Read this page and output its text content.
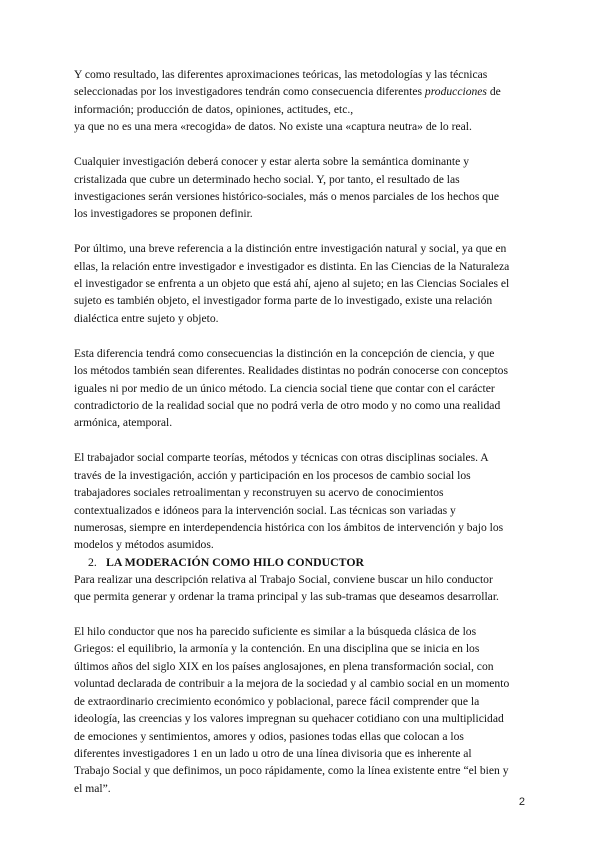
Y como resultado, las diferentes aproximaciones teóricas, las metodologías y las técnicas
seleccionadas por los investigadores tendrán como consecuencia diferentes producciones de
información; producción de datos, opiniones, actitudes, etc.,
ya que no es una mera «recogida» de datos. No existe una «captura neutra» de lo real.

Cualquier investigación deberá conocer y estar alerta sobre la semántica dominante y
cristalizada que cubre un determinado hecho social. Y, por tanto, el resultado de las
investigaciones serán versiones histórico-sociales, más o menos parciales de los hechos que
los investigadores se proponen definir.

Por último, una breve referencia a la distinción entre investigación natural y social, ya que en
ellas, la relación entre investigador e investigador es distinta. En las Ciencias de la Naturaleza
el investigador se enfrenta a un objeto que está ahí, ajeno al sujeto; en las Ciencias Sociales el
sujeto es también objeto, el investigador forma parte de lo investigado, existe una relación
dialéctica entre sujeto y objeto.

Esta diferencia tendrá como consecuencias la distinción en la concepción de ciencia, y que
los métodos también sean diferentes. Realidades distintas no podrán conocerse con conceptos
iguales ni por medio de un único método. La ciencia social tiene que contar con el carácter
contradictorio de la realidad social que no podrá verla de otro modo y no como una realidad
armónica, atemporal.

El trabajador social comparte teorías, métodos y técnicas con otras disciplinas sociales. A
través de la investigación, acción y participación en los procesos de cambio social los
trabajadores sociales retroalimentan y reconstruyen su acervo de conocimientos
contextualizados e idóneos para la intervención social. Las técnicas son variadas y
numerosas, siempre en interdependencia histórica con los ámbitos de intervención y bajo los
modelos y métodos asumidos.

2. LA MODERACIÓN COMO HILO CONDUCTOR

Para realizar una descripción relativa al Trabajo Social, conviene buscar un hilo conductor
que permita generar y ordenar la trama principal y las sub-tramas que deseamos desarrollar.

El hilo conductor que nos ha parecido suficiente es similar a la búsqueda clásica de los
Griegos: el equilibrio, la armonía y la contención. En una disciplina que se inicia en los
últimos años del siglo XIX en los países anglosajones, en plena transformación social, con
voluntad declarada de contribuir a la mejora de la sociedad y al cambio social en un momento
de extraordinario crecimiento económico y poblacional, parece fácil comprender que la
ideología, las creencias y los valores impregnan su quehacer cotidiano con una multiplicidad
de emociones y sentimientos, amores y odios, pasiones todas ellas que colocan a los
diferentes investigadores 1 en un lado u otro de una línea divisoria que es inherente al
Trabajo Social y que definimos, un poco rápidamente, como la línea existente entre “el bien y
el mal”.

2
